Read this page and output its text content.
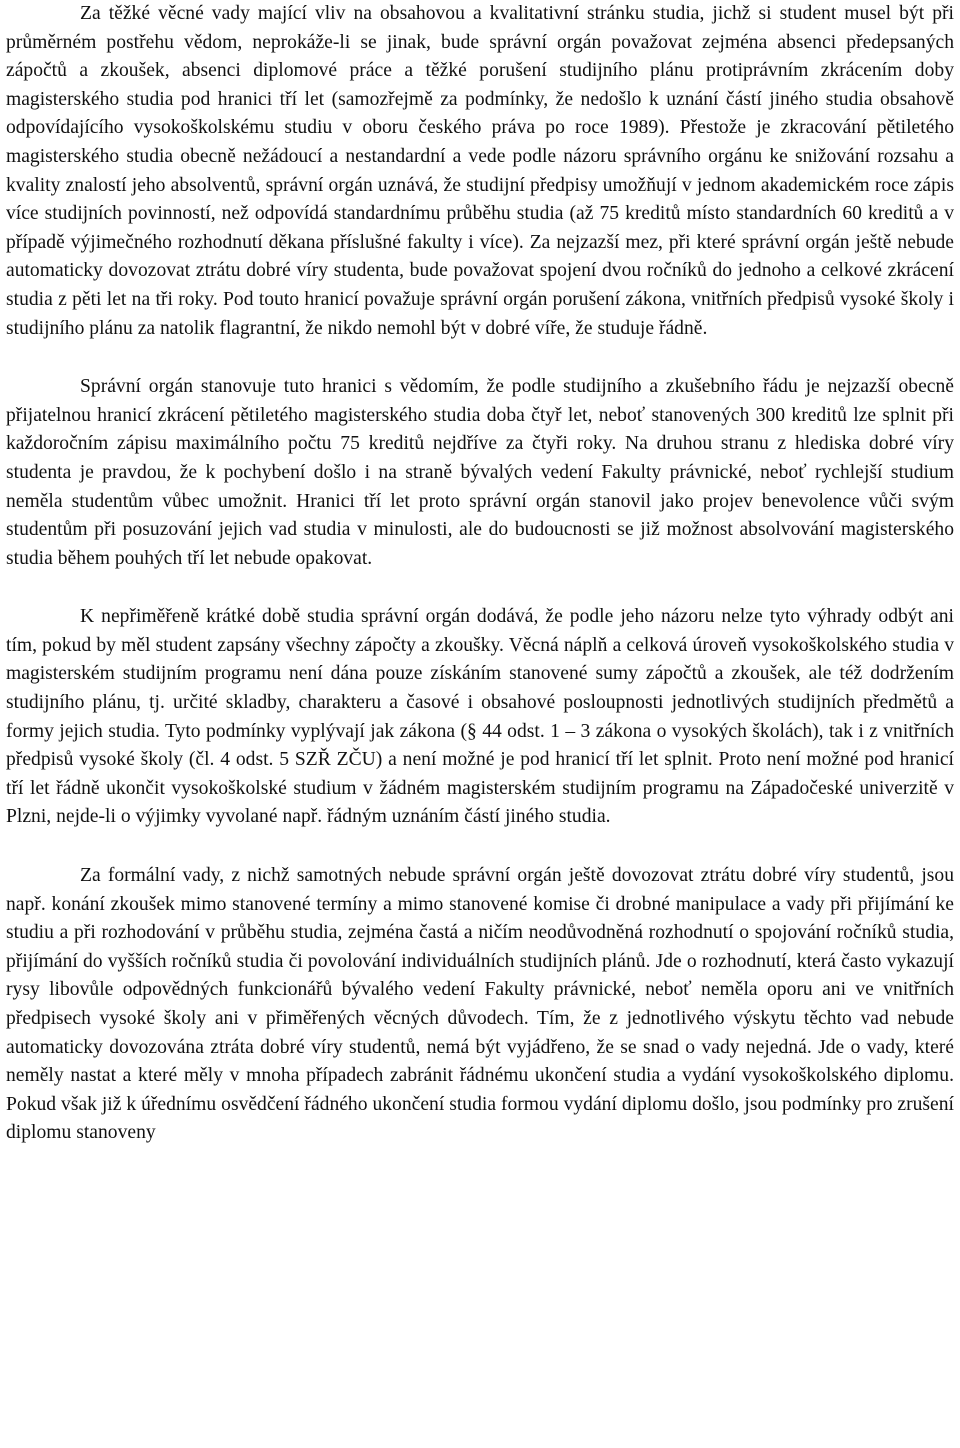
Za těžké věcné vady mající vliv na obsahovou a kvalitativní stránku studia, jichž si student musel být při průměrném postřehu vědom, neprokáže-li se jinak, bude správní orgán považovat zejména absenci předepsaných zápočtů a zkoušek, absenci diplomové práce a těžké porušení studijního plánu protiprávním zkrácením doby magisterského studia pod hranici tří let (samozřejmě za podmínky, že nedošlo k uznání částí jiného studia obsahově odpovídajícího vysokoškolskému studiu v oboru českého práva po roce 1989). Přestože je zkracování pětiletého magisterského studia obecně nežádoucí a nestandardní a vede podle názoru správního orgánu ke snižování rozsahu a kvality znalostí jeho absolventů, správní orgán uznává, že studijní předpisy umožňují v jednom akademickém roce zápis více studijních povinností, než odpovídá standardnímu průběhu studia (až 75 kreditů místo standardních 60 kreditů a v případě výjimečného rozhodnutí děkana příslušné fakulty i více). Za nejzazší mez, při které správní orgán ještě nebude automaticky dovozovat ztrátu dobré víry studenta, bude považovat spojení dvou ročníků do jednoho a celkové zkrácení studia z pěti let na tři roky. Pod touto hranicí považuje správní orgán porušení zákona, vnitřních předpisů vysoké školy i studijního plánu za natolik flagrantní, že nikdo nemohl být v dobré víře, že studuje řádně.

Správní orgán stanovuje tuto hranici s vědomím, že podle studijního a zkušebního řádu je nejzazší obecně přijatelnou hranicí zkrácení pětiletého magisterského studia doba čtyř let, neboť stanovených 300 kreditů lze splnit při každoročním zápisu maximálního počtu 75 kreditů nejdříve za čtyři roky. Na druhou stranu z hlediska dobré víry studenta je pravdou, že k pochybení došlo i na straně bývalých vedení Fakulty právnické, neboť rychlejší studium neměla studentům vůbec umožnit. Hranici tří let proto správní orgán stanovil jako projev benevolence vůči svým studentům při posuzování jejich vad studia v minulosti, ale do budoucnosti se již možnost absolvování magisterského studia během pouhých tří let nebude opakovat.

K nepřiměřeně krátké době studia správní orgán dodává, že podle jeho názoru nelze tyto výhrady odbýt ani tím, pokud by měl student zapsány všechny zápočty a zkoušky. Věcná náplň a celková úroveň vysokoškolského studia v magisterském studijním programu není dána pouze získáním stanovené sumy zápočtů a zkoušek, ale též dodržením studijního plánu, tj. určité skladby, charakteru a časové i obsahové posloupnosti jednotlivých studijních předmětů a formy jejich studia. Tyto podmínky vyplývají jak zákona (§ 44 odst. 1 – 3 zákona o vysokých školách), tak i z vnitřních předpisů vysoké školy (čl. 4 odst. 5 SZŘ ZČU) a není možné je pod hranicí tří let splnit. Proto není možné pod hranicí tří let řádně ukončit vysokoškolské studium v žádném magisterském studijním programu na Západočeské univerzitě v Plzni, nejde-li o výjimky vyvolané např. řádným uznáním částí jiného studia.

Za formální vady, z nichž samotných nebude správní orgán ještě dovozovat ztrátu dobré víry studentů, jsou např. konání zkoušek mimo stanovené termíny a mimo stanovené komise či drobné manipulace a vady při přijímání ke studiu a při rozhodování v průběhu studia, zejména častá a ničím neodůvodněná rozhodnutí o spojování ročníků studia, přijímání do vyšších ročníků studia či povolování individuálních studijních plánů. Jde o rozhodnutí, která často vykazují rysy libovůle odpovědných funkcionářů bývalého vedení Fakulty právnické, neboť neměla oporu ani ve vnitřních předpisech vysoké školy ani v přiměřených věcných důvodech. Tím, že z jednotlivého výskytu těchto vad nebude automaticky dovozována ztráta dobré víry studentů, nemá být vyjádřeno, že se snad o vady nejedná. Jde o vady, které neměly nastat a které měly v mnoha případech zabránit řádnému ukončení studia a vydání vysokoškolského diplomu. Pokud však již k úřednímu osvědčení řádného ukončení studia formou vydání diplomu došlo, jsou podmínky pro zrušení diplomu stanoveny
